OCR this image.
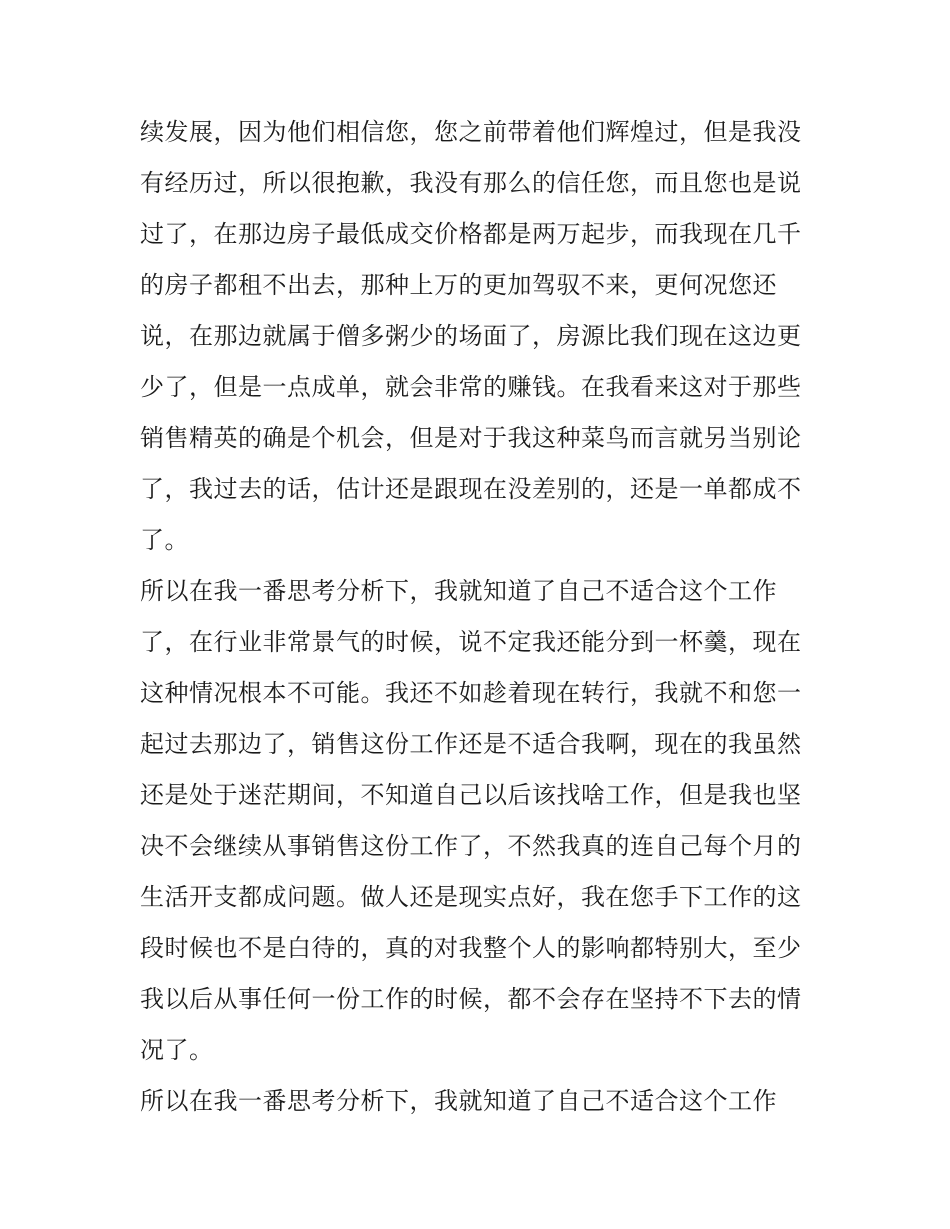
续发展，因为他们相信您，您之前带着他们辉煌过，但是我没
有经历过，所以很抱歉，我没有那么的信任您，而且您也是说
过了，在那边房子最低成交价格都是两万起步，而我现在几千
的房子都租不出去，那种上万的更加驾驭不来，更何况您还
说，在那边就属于僧多粥少的场面了，房源比我们现在这边更
少了，但是一点成单，就会非常的赚钱。在我看来这对于那些
销售精英的确是个机会，但是对于我这种菜鸟而言就另当别论
了，我过去的话，估计还是跟现在没差别的，还是一单都成不
了。
所以在我一番思考分析下，我就知道了自己不适合这个工作
了，在行业非常景气的时候，说不定我还能分到一杯羹，现在
这种情况根本不可能。我还不如趁着现在转行，我就不和您一
起过去那边了，销售这份工作还是不适合我啊，现在的我虽然
还是处于迷茫期间，不知道自己以后该找啥工作，但是我也坚
决不会继续从事销售这份工作了，不然我真的连自己每个月的
生活开支都成问题。做人还是现实点好，我在您手下工作的这
段时候也不是白待的，真的对我整个人的影响都特别大，至少
我以后从事任何一份工作的时候，都不会存在坚持不下去的情
况了。
所以在我一番思考分析下，我就知道了自己不适合这个工作
